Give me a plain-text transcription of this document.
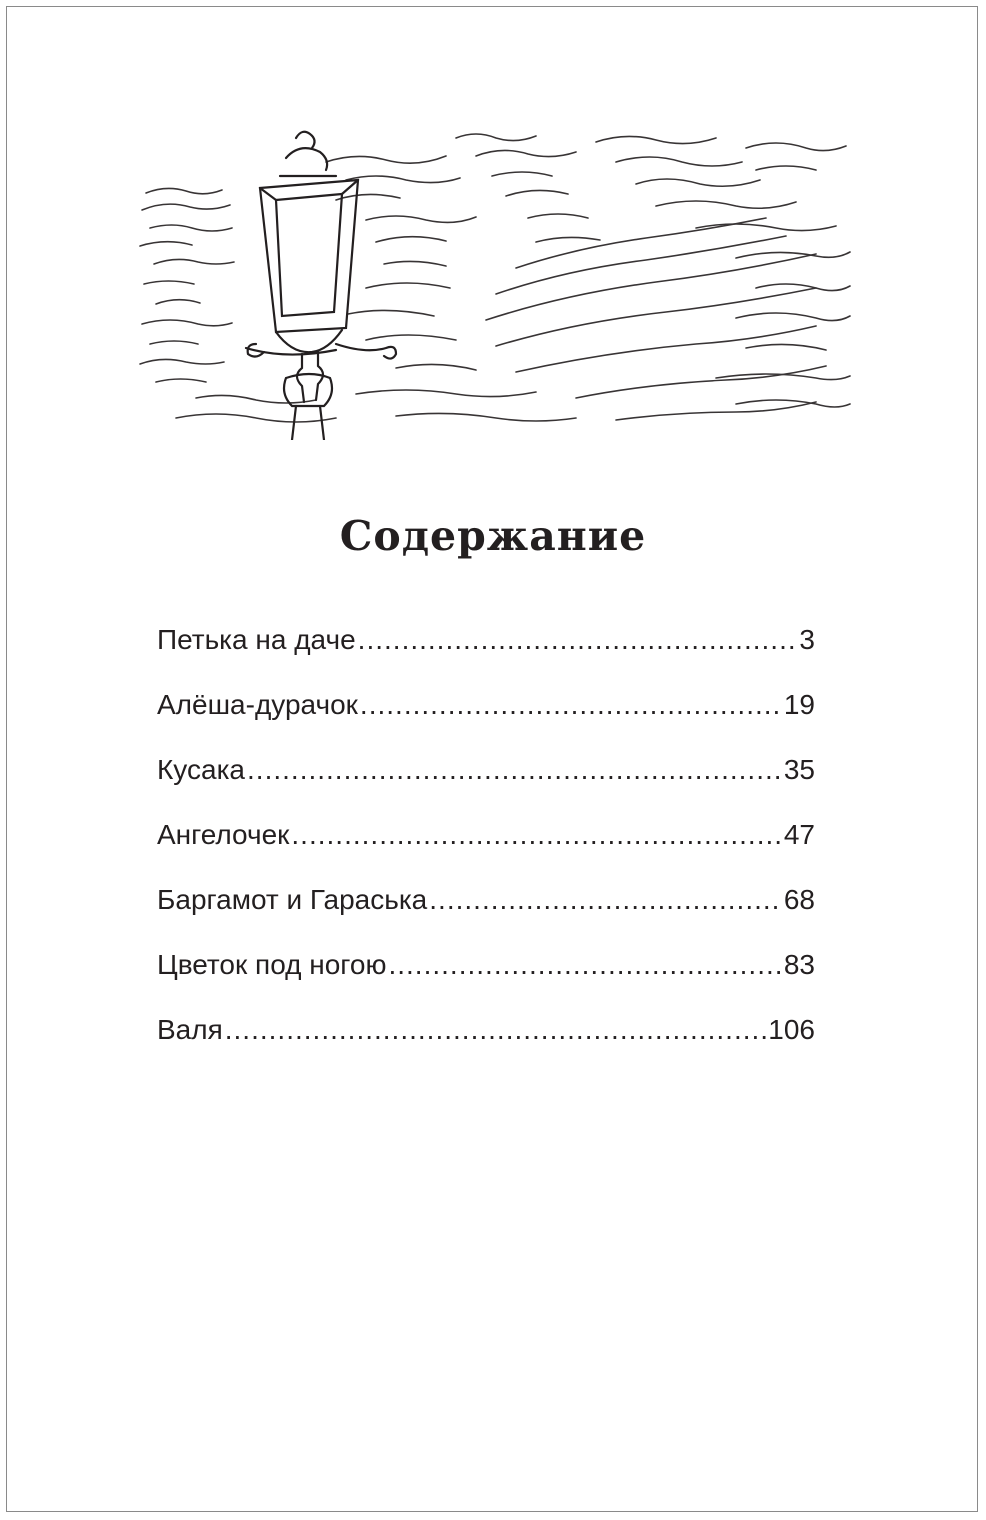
Содержание
Петька на даче .....	3
Алёша-дурачок .....	19
Кусака .....	35
Ангелочек .....	47
Баргамот и Гараська .....	68
Цветок под ногою .....	83
Валя .....	106
